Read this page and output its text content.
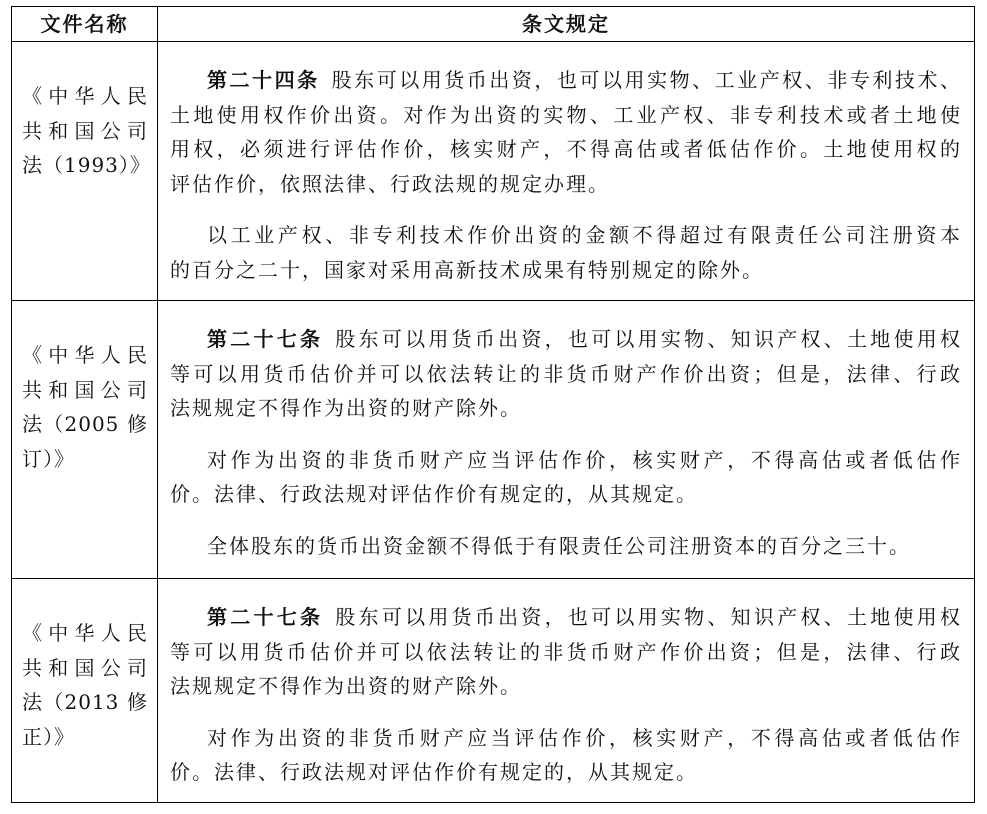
文件名称	条文规定
《中华人民
共和国公司
法（1993）》
第二十四条 股东可以用货币出资，也可以用实物、工业产权、非专利技术、
土地使用权作价出资。对作为出资的实物、工业产权、非专利技术或者土地使
用权，必须进行评估作价，核实财产，不得高估或者低估作价。土地使用权的
评估作价，依照法律、行政法规的规定办理。
以工业产权、非专利技术作价出资的金额不得超过有限责任公司注册资本
的百分之二十，国家对采用高新技术成果有特别规定的除外。
《中华人民
共和国公司
法（2005 修
订）》
第二十七条 股东可以用货币出资，也可以用实物、知识产权、土地使用权
等可以用货币估价并可以依法转让的非货币财产作价出资；但是，法律、行政
法规规定不得作为出资的财产除外。
对作为出资的非货币财产应当评估作价，核实财产，不得高估或者低估作
价。法律、行政法规对评估作价有规定的，从其规定。
全体股东的货币出资金额不得低于有限责任公司注册资本的百分之三十。
《中华人民
共和国公司
法（2013 修
正）》
第二十七条 股东可以用货币出资，也可以用实物、知识产权、土地使用权
等可以用货币估价并可以依法转让的非货币财产作价出资；但是，法律、行政
法规规定不得作为出资的财产除外。
对作为出资的非货币财产应当评估作价，核实财产，不得高估或者低估作
价。法律、行政法规对评估作价有规定的，从其规定。
